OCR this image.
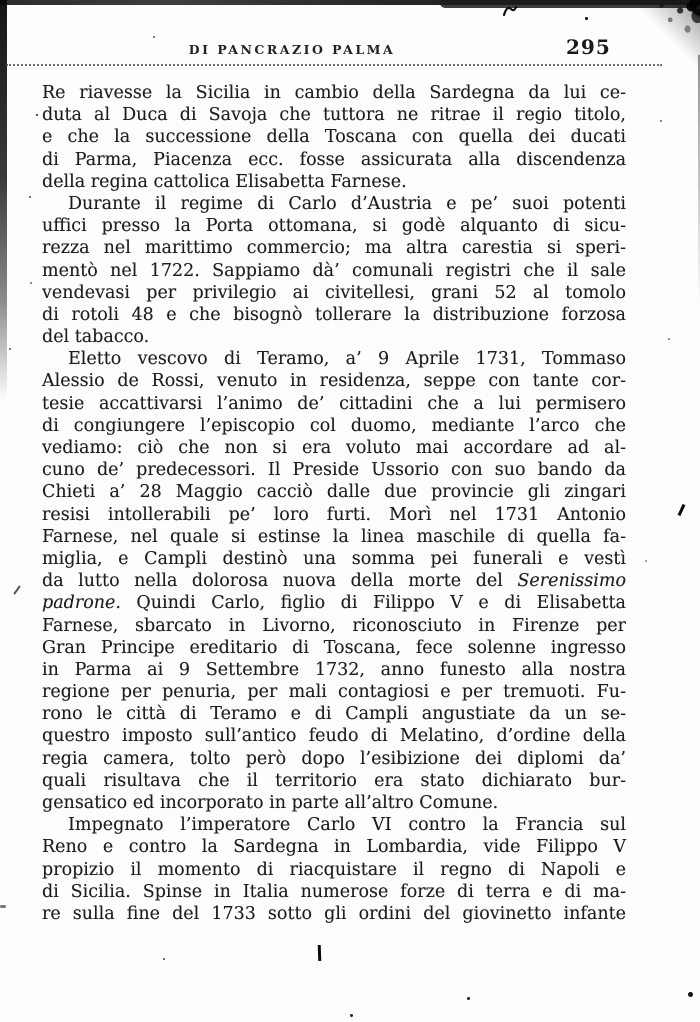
DI PANCRAZIO PALMA	295
Re riavesse la Sicilia in cambio della Sardegna da lui ce-
duta al Duca di Savoja che tuttora ne ritrae il regio titolo,
e che la successione della Toscana con quella dei ducati
di Parma, Piacenza ecc. fosse assicurata alla discendenza
della regina cattolica Elisabetta Farnese.
Durante il regime di Carlo d’Austria e pe’ suoi potenti
uffici presso la Porta ottomana, si godè alquanto di sicu-
rezza nel marittimo commercio; ma altra carestia si speri-
mentò nel 1722. Sappiamo dà’ comunali registri che il sale
vendevasi per privilegio ai civitellesi, grani 52 al tomolo
di rotoli 48 e che bisognò tollerare la distribuzione forzosa
del tabacco.
Eletto vescovo di Teramo, a’ 9 Aprile 1731, Tommaso
Alessio de Rossi, venuto in residenza, seppe con tante cor-
tesie accattivarsi l’animo de’ cittadini che a lui permisero
di congiungere l’episcopio col duomo, mediante l’arco che
vediamo: ciò che non si era voluto mai accordare ad al-
cuno de’ predecessori. Il Preside Ussorio con suo bando da
Chieti a’ 28 Maggio cacciò dalle due provincie gli zingari
resisi intollerabili pe’ loro furti. Morì nel 1731 Antonio
Farnese, nel quale si estinse la linea maschile di quella fa-
miglia, e Campli destinò una somma pei funerali e vestì
da lutto nella dolorosa nuova della morte del Serenissimo
padrone. Quindi Carlo, figlio di Filippo V e di Elisabetta
Farnese, sbarcato in Livorno, riconosciuto in Firenze per
Gran Principe ereditario di Toscana, fece solenne ingresso
in Parma ai 9 Settembre 1732, anno funesto alla nostra
regione per penuria, per mali contagiosi e per tremuoti. Fu-
rono le città di Teramo e di Campli angustiate da un se-
questro imposto sull’antico feudo di Melatino, d’ordine della
regia camera, tolto però dopo l’esibizione dei diplomi da’
quali risultava che il territorio era stato dichiarato bur-
gensatico ed incorporato in parte all’altro Comune.
Impegnato l’imperatore Carlo VI contro la Francia sul
Reno e contro la Sardegna in Lombardia, vide Filippo V
propizio il momento di riacquistare il regno di Napoli e
di Sicilia. Spinse in Italia numerose forze di terra e di ma-
re sulla fine del 1733 sotto gli ordini del giovinetto infante
